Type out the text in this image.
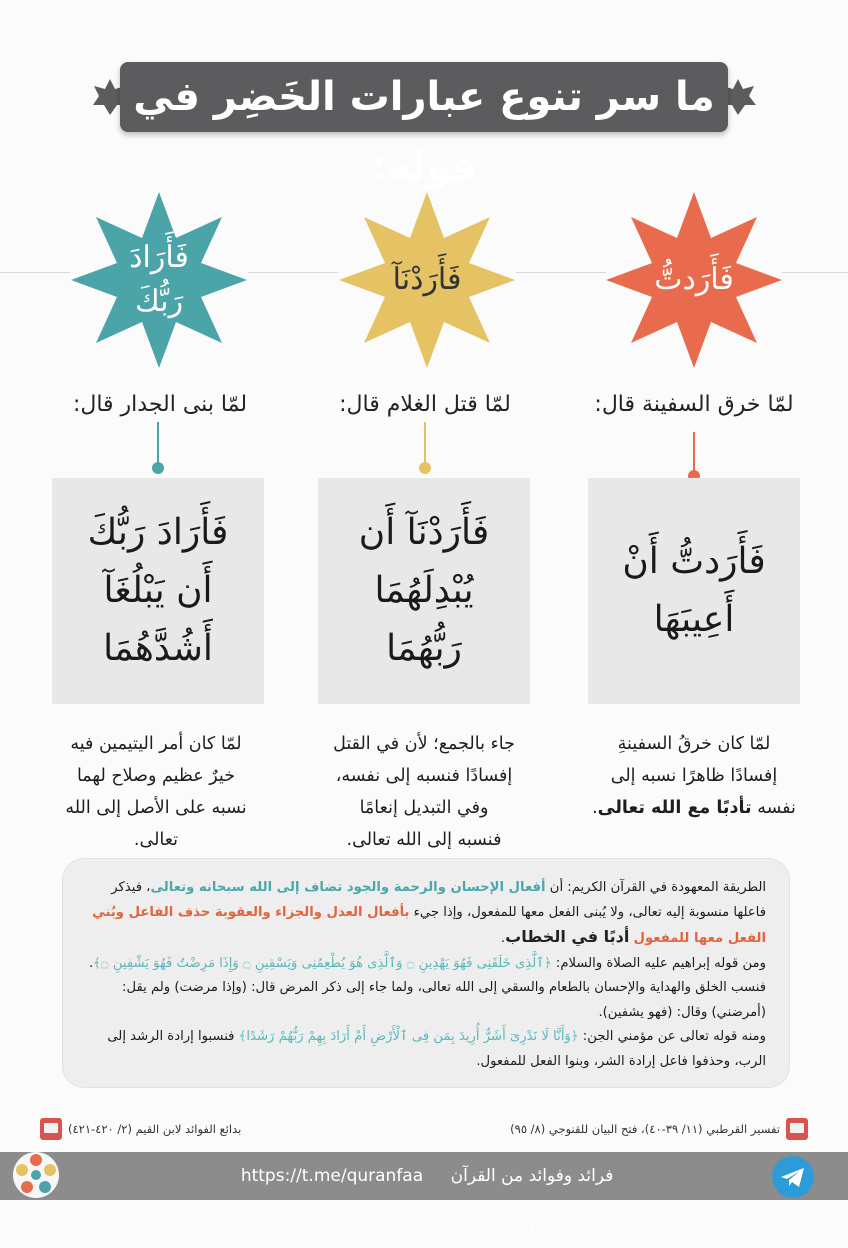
ما سر تنوع عبارات الخَضِر في قوله:
فَأَرَدتُّ
فَأَرَدْنَآ
فَأَرَادَ
رَبُّكَ
لمّا خرق السفينة قال:
لمّا قتل الغلام قال:
لمّا بنى الجدار قال:
فَأَرَدتُّ أَنْ
أَعِيبَهَا
فَأَرَدْنَآ أَن
يُبْدِلَهُمَا
رَبُّهُمَا
فَأَرَادَ رَبُّكَ
أَن يَبْلُغَآ
أَشُدَّهُمَا
لمّا كان خرقُ السفينةِ
إفسادًا ظاهرًا نسبه إلى
نفسه تأدبًا مع الله تعالى.
جاء بالجمع؛ لأن في القتل
إفسادًا فنسبه إلى نفسه،
وفي التبديل إنعامًا
فنسبه إلى الله تعالى.
لمّا كان أمر اليتيمين فيه
خيرٌ عظيم وصلاح لهما
نسبه على الأصل إلى الله
تعالى.
الطريقة المعهودة في القرآن الكريم: أن أفعال الإحسان والرحمة والجود تضاف إلى الله سبحانه وتعالى، فيذكر فاعلها منسوبة إليه تعالى، ولا يُبنى الفعل معها للمفعول، وإذا جيء بأفعال العدل والجزاء والعقوبة حذف الفاعل وبُني الفعل معها للمفعول أدبًا في الخطاب.
ومن قوله إبراهيم عليه الصلاة والسلام: ﴿ٱلَّذِى خَلَقَنِى فَهُوَ يَهْدِينِ ۝ وَٱلَّذِى هُوَ يُطْعِمُنِى وَيَسْقِينِ ۝ وَإِذَا مَرِضْتُ فَهُوَ يَشْفِينِ ۝﴾. فنسب الخلق والهداية والإحسان بالطعام والسقي إلى الله تعالى، ولما جاء إلى ذكر المرض قال: (وإذا مرضت) ولم يقل: (أمرضني) وقال: (فهو يشفين).
ومنه قوله تعالى عن مؤمني الجن: ﴿وَأَنَّا لَا نَدْرِىٓ أَشَرٌّ أُرِيدَ بِمَن فِى ٱلْأَرْضِ أَمْ أَرَادَ بِهِمْ رَبُّهُمْ رَشَدًا﴾ فنسبوا إرادة الرشد إلى الرب، وحذفوا فاعل إرادة الشر، وبنوا الفعل للمفعول.
تفسير القرطبي (١١/ ٣٩-٤٠)، فتح البيان للقنوجي (٨/ ٩٥)
بدائع الفوائد لابن القيم (٢/ ٤٢٠-٤٢١)
https://t.me/quranfaa	فرائد وفوائد من القرآن الكريم
